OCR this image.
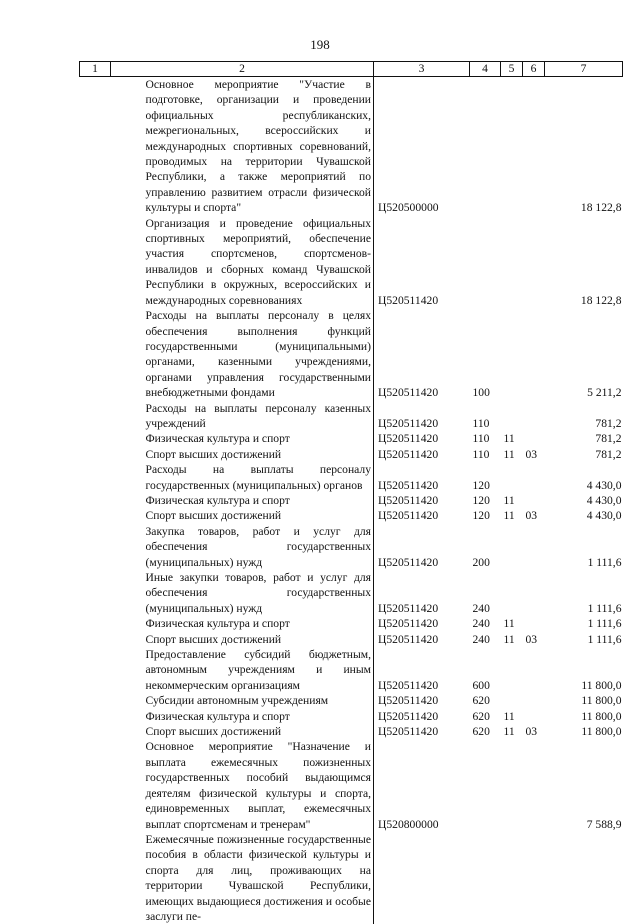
198
1	2	3	4	5	6	7
	Основное мероприятие "Участие в подготовке, организации и проведении официальных республиканских, межрегиональных, всероссийских и международных спортивных соревнований, проводимых на территории Чувашской Республики, а также мероприятий по управлению развитием отрасли физической культуры и спорта"	Ц520500000				18 122,8
	Организация и проведение официальных спортивных мероприятий, обеспечение участия спортсменов, спортсменов-инвалидов и сборных команд Чувашской Республики в окружных, всероссийских и международных соревнованиях	Ц520511420				18 122,8
	Расходы на выплаты персоналу в целях обеспечения выполнения функций государственными (муниципальными) органами, казенными учреждениями, органами управления государственными внебюджетными фондами	Ц520511420	100			5 211,2
	Расходы на выплаты персоналу казенных учреждений	Ц520511420	110			781,2
	Физическая культура и спорт	Ц520511420	110	11		781,2
	Спорт высших достижений	Ц520511420	110	11	03	781,2
	Расходы на выплаты персоналу государственных (муниципальных) органов	Ц520511420	120			4 430,0
	Физическая культура и спорт	Ц520511420	120	11		4 430,0
	Спорт высших достижений	Ц520511420	120	11	03	4 430,0
	Закупка товаров, работ и услуг для обеспечения государственных (муниципальных) нужд	Ц520511420	200			1 111,6
	Иные закупки товаров, работ и услуг для обеспечения государственных (муниципальных) нужд	Ц520511420	240			1 111,6
	Физическая культура и спорт	Ц520511420	240	11		1 111,6
	Спорт высших достижений	Ц520511420	240	11	03	1 111,6
	Предоставление субсидий бюджетным, автономным учреждениям и иным некоммерческим организациям	Ц520511420	600			11 800,0
	Субсидии автономным учреждениям	Ц520511420	620			11 800,0
	Физическая культура и спорт	Ц520511420	620	11		11 800,0
	Спорт высших достижений	Ц520511420	620	11	03	11 800,0
	Основное мероприятие "Назначение и выплата ежемесячных пожизненных государственных пособий выдающимся деятелям физической культуры и спорта, единовременных выплат, ежемесячных выплат спортсменам и тренерам"	Ц520800000				7 588,9
	Ежемесячные пожизненные государственные пособия в области физической культуры и спорта для лиц, проживающих на территории Чувашской Республики, имеющих выдающиеся достижения и особые заслуги пе-					
